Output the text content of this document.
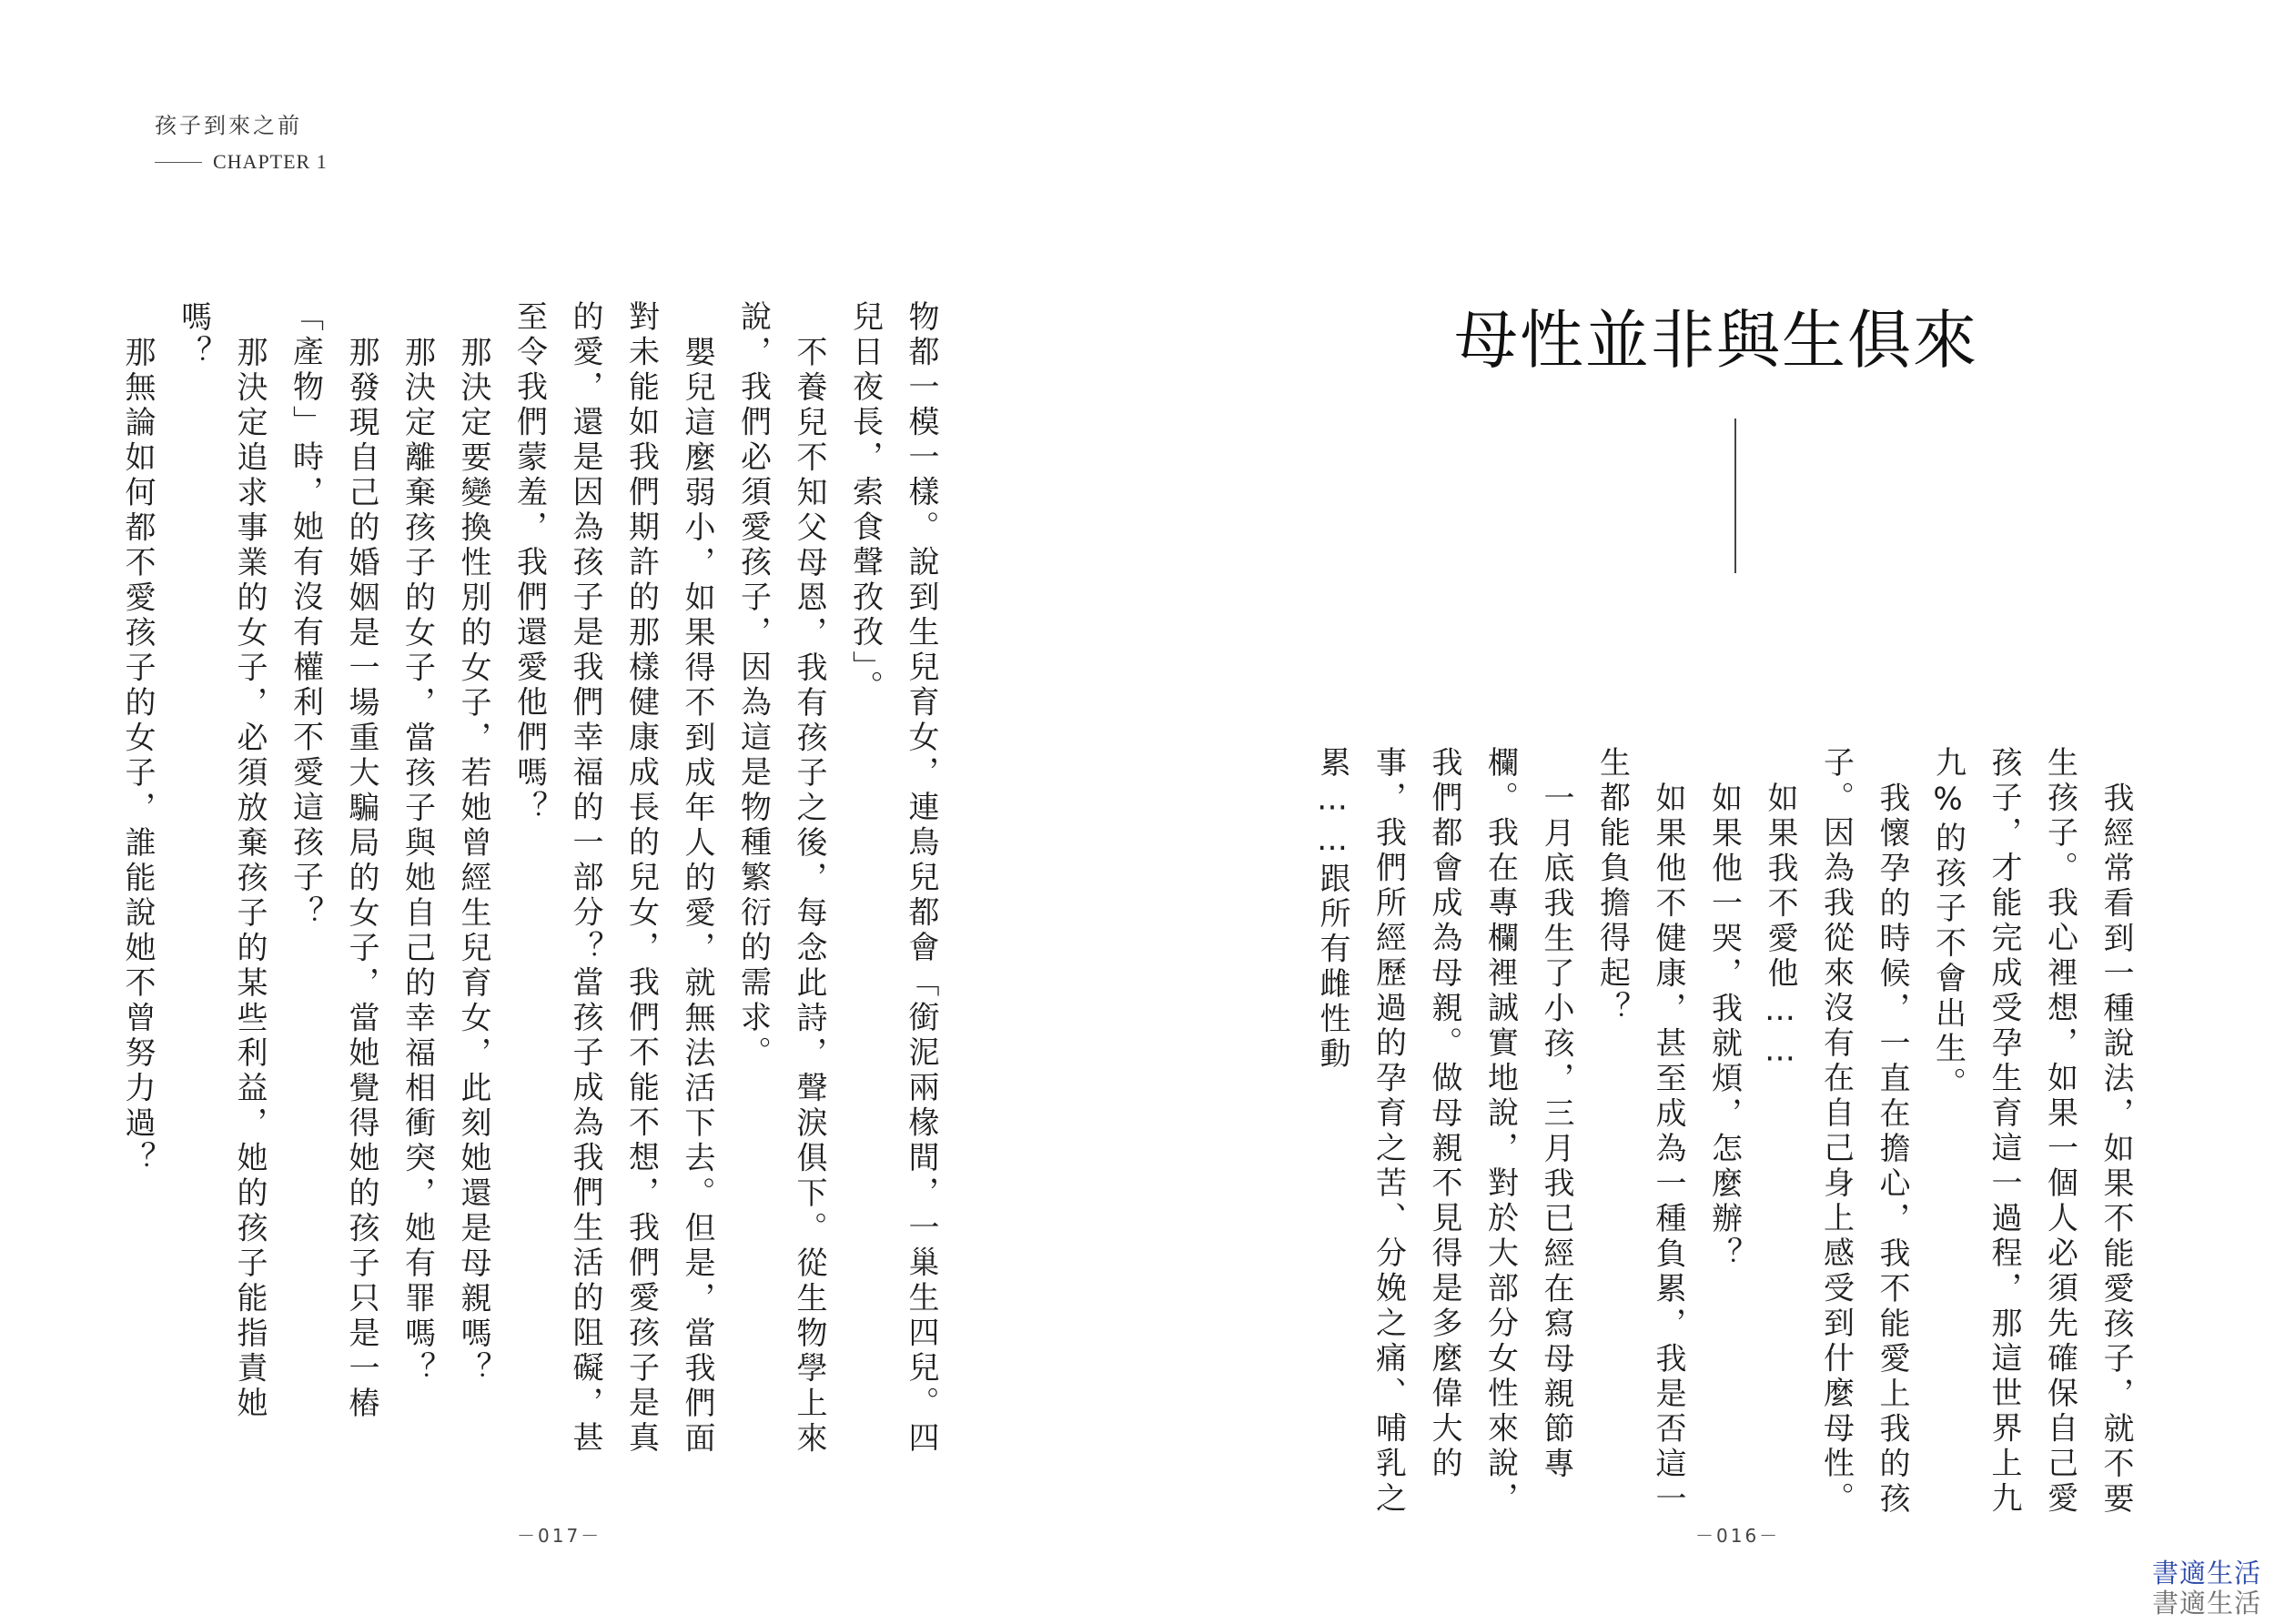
孩子到來之前
CHAPTER 1

物都一模一樣。說到生兒育女，連鳥兒都會「銜泥兩椽間，一巢生四兒。四兒日夜長，索食聲孜孜」。

不養兒不知父母恩，我有孩子之後，每念此詩，聲淚俱下。從生物學上來說，我們必須愛孩子，因為這是物種繁衍的需求。

嬰兒這麼弱小，如果得不到成年人的愛，就無法活下去。但是，當我們面對未能如我們期許的那樣健康成長的兒女，我們不能不想，我們愛孩子是真的愛，還是因為孩子是我們幸福的一部分？當孩子成為我們生活的阻礙，甚至令我們蒙羞，我們還愛他們嗎？

那決定要變換性別的女子，若她曾經生兒育女，此刻她還是母親嗎？

那決定離棄孩子的女子，當孩子與她自己的幸福相衝突，她有罪嗎？

那發現自己的婚姻是一場重大騙局的女子，當她覺得她的孩子只是一樁「產物」時，她有沒有權利不愛這孩子？

那決定追求事業的女子，必須放棄孩子的某些利益，她的孩子能指責她嗎？

那無論如何都不愛孩子的女子，誰能說她不曾努力過？	母性並非與生俱來

我經常看到一種說法，如果不能愛孩子，就不要生孩子。我心裡想，如果一個人必須先確保自己愛孩子，才能完成受孕生育這一過程，那這世界上九九%的孩子不會出生。

我懷孕的時候，一直在擔心，我不能愛上我的孩子。因為我從來沒有在自己身上感受到什麼母性。

如果我不愛他……

如果他一哭，我就煩，怎麼辦？

如果他不健康，甚至成為一種負累，我是否這一生都能負擔得起？

一月底我生了小孩，三月我已經在寫母親節專欄。我在專欄裡誠實地說，對於大部分女性來說，我們都會成為母親。做母親不見得是多麼偉大的事，我們所經歷過的孕育之苦、分娩之痛、哺乳之累……跟所有雌性動

－017－	－016－
書適生活
書適生活
